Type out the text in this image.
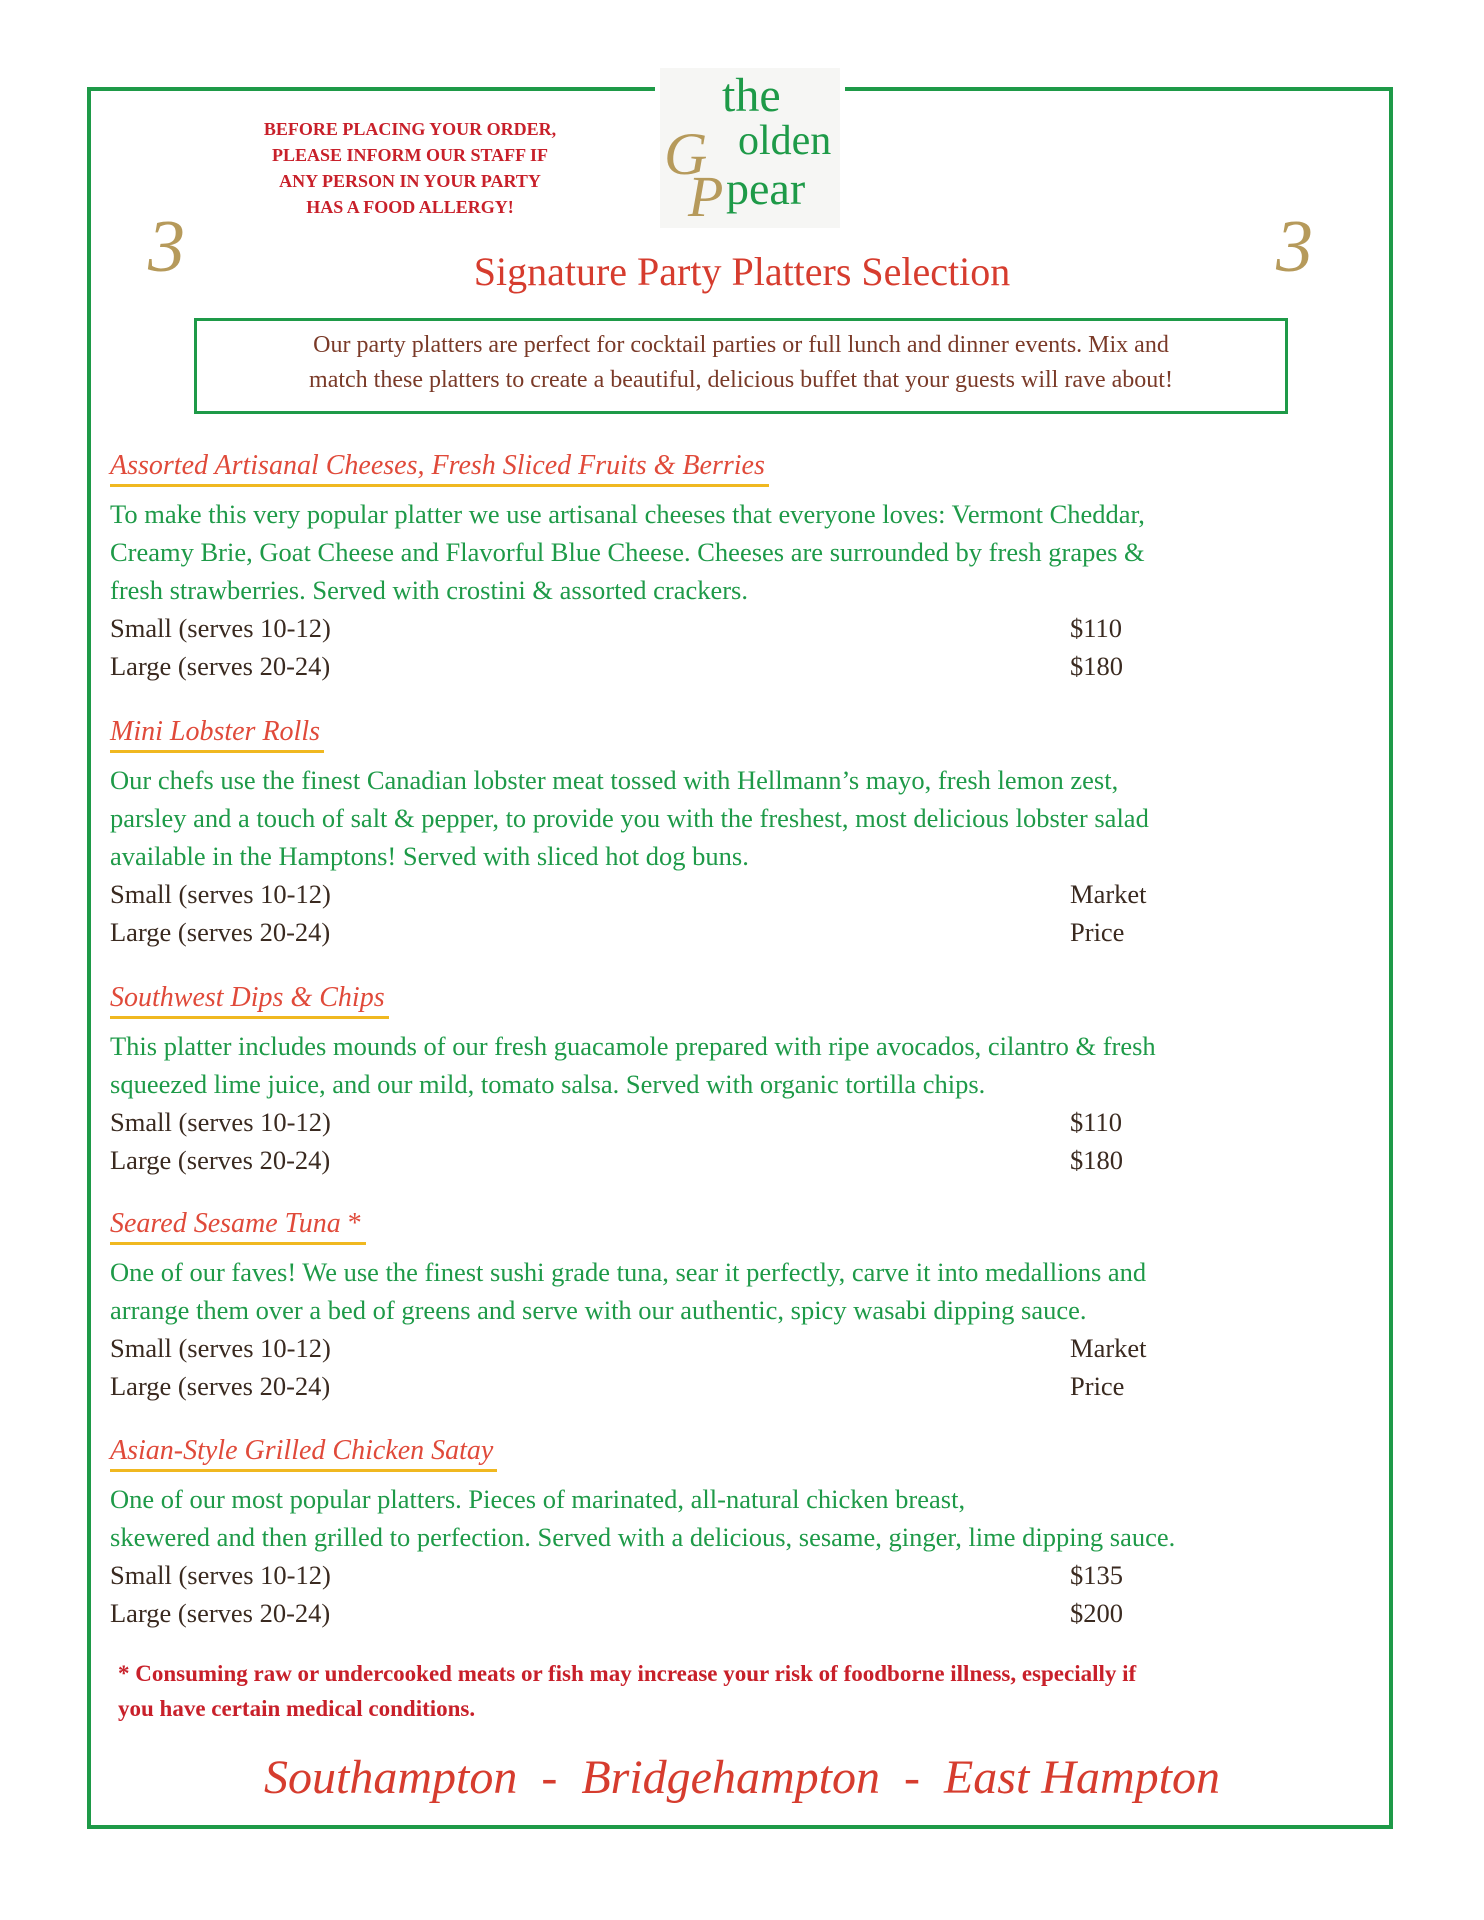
G
the
olden
P pear
BEFORE PLACING YOUR ORDER,
PLEASE INFORM OUR STAFF IF
ANY PERSON IN YOUR PARTY
HAS A FOOD ALLERGY!
3	3
Signature Party Platters Selection
Our party platters are perfect for cocktail parties or full lunch and dinner events. Mix and
match these platters to create a beautiful, delicious buffet that your guests will rave about!
Assorted Artisanal Cheeses, Fresh Sliced Fruits & Berries

To make this very popular platter we use artisanal cheeses that everyone loves: Vermont Cheddar,

Creamy Brie, Goat Cheese and Flavorful Blue Cheese. Cheeses are surrounded by fresh grapes &

fresh strawberries. Served with crostini & assorted crackers.

Small (serves 10-12)	$110
Large (serves 20-24)	$180
Mini Lobster Rolls

Our chefs use the finest Canadian lobster meat tossed with Hellmann’s mayo, fresh lemon zest,

parsley and a touch of salt & pepper, to provide you with the freshest, most delicious lobster salad

available in the Hamptons! Served with sliced hot dog buns.

Small (serves 10-12)	Market
Large (serves 20-24)	Price
Southwest Dips & Chips

This platter includes mounds of our fresh guacamole prepared with ripe avocados, cilantro & fresh

squeezed lime juice, and our mild, tomato salsa. Served with organic tortilla chips.

Small (serves 10-12)	$110
Large (serves 20-24)	$180
Seared Sesame Tuna *

One of our faves! We use the finest sushi grade tuna, sear it perfectly, carve it into medallions and

arrange them over a bed of greens and serve with our authentic, spicy wasabi dipping sauce.

Small (serves 10-12)	Market
Large (serves 20-24)	Price
Asian-Style Grilled Chicken Satay

One of our most popular platters. Pieces of marinated, all-natural chicken breast,

skewered and then grilled to perfection. Served with a delicious, sesame, ginger, lime dipping sauce.

Small (serves 10-12)	$135
Large (serves 20-24)	$200
* Consuming raw or undercooked meats or fish may increase your risk of foodborne illness, especially if
you have certain medical conditions.
Southampton  -  Bridgehampton  -  East Hampton
